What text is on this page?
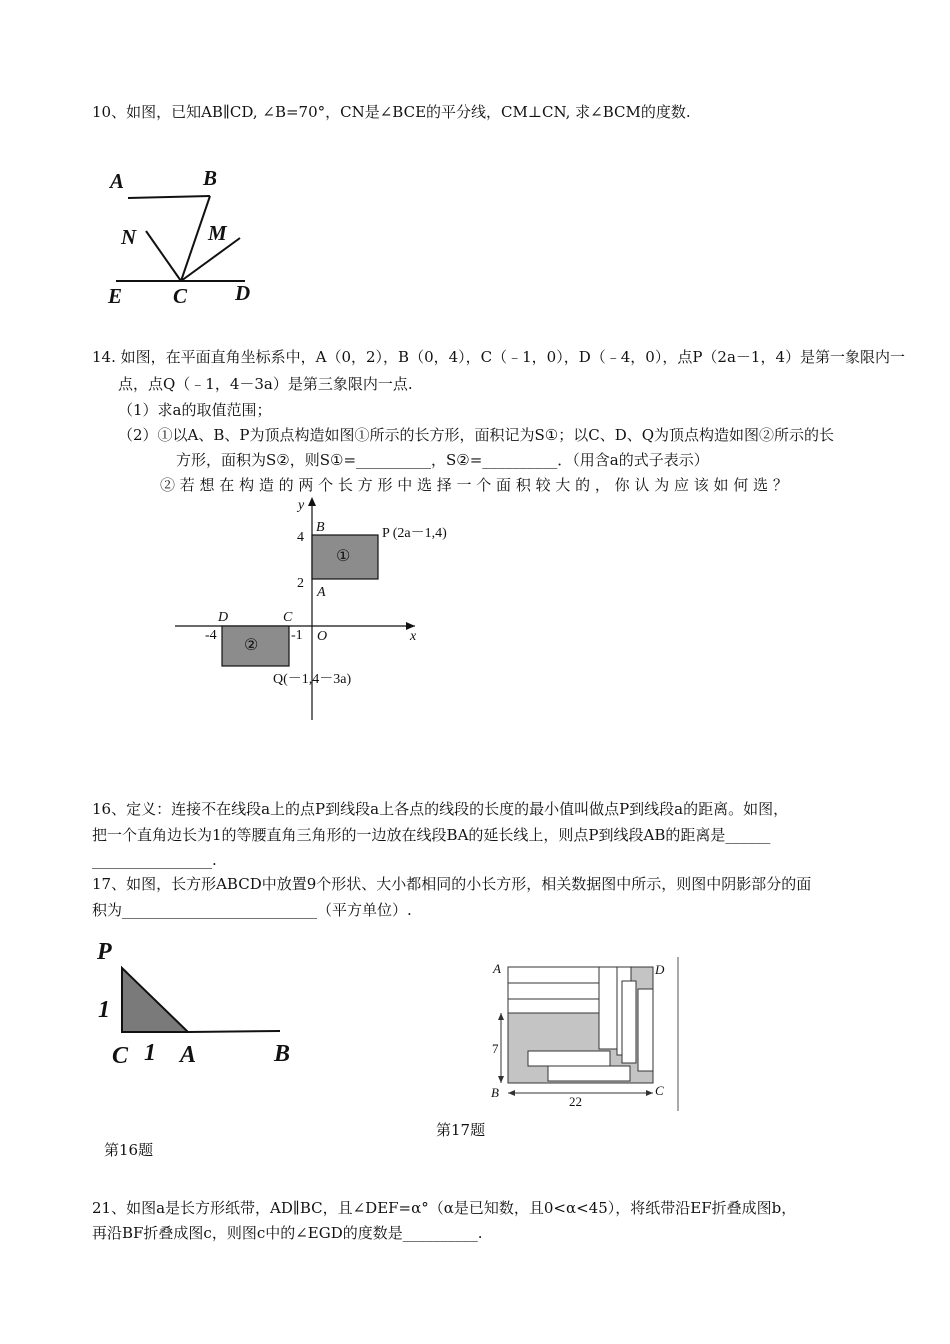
10、如图，已知AB∥CD, ∠B=70°，CN是∠BCE的平分线，CM⊥CN, 求∠BCM的度数.
A	B
N	M
E C D
14. 如图，在平面直角坐标系中，A（0，2），B（0，4），C（﹣1，0），D（﹣4，0），点P（2a－1，4）是第一象限内一
点，点Q（﹣1，4－3a）是第三象限内一点.
（1）求a的取值范围；
（2）①以A、B、P为顶点构造如图①所示的长方形，面积记为S①；以C、D、Q为顶点构造如图②所示的长
方形，面积为S②，则S①=__________，S②=__________．（用含a的式子表示）
② 若 想 在 构 造 的 两 个 长 方 形 中 选 择 一 个 面 积 较 大 的 ， 你 认 为 应 该 如 何 选 ？
y
x
B	P (2a－1,4)
4
①
2
A
D	C
-4	-1 O
②
Q(－1,4－3a)
16、定义：连接不在线段a上的点P到线段a上各点的线段的长度的最小值叫做点P到线段a的距离。如图，
把一个直角边长为1的等腰直角三角形的一边放在线段BA的延长线上，则点P到线段AB的距离是______
________________.
17、如图，长方形ABCD中放置9个形状、大小都相同的小长方形，相关数据图中所示，则图中阴影部分的面
积为__________________________（平方单位）.
P
1
C 1 A	B
A	D
B	C
7
22
第17题
第16题
21、如图a是长方形纸带，AD∥BC，且∠DEF=α°（α是已知数，且0<α<45），将纸带沿EF折叠成图b，
再沿BF折叠成图c，则图c中的∠EGD的度数是__________.
